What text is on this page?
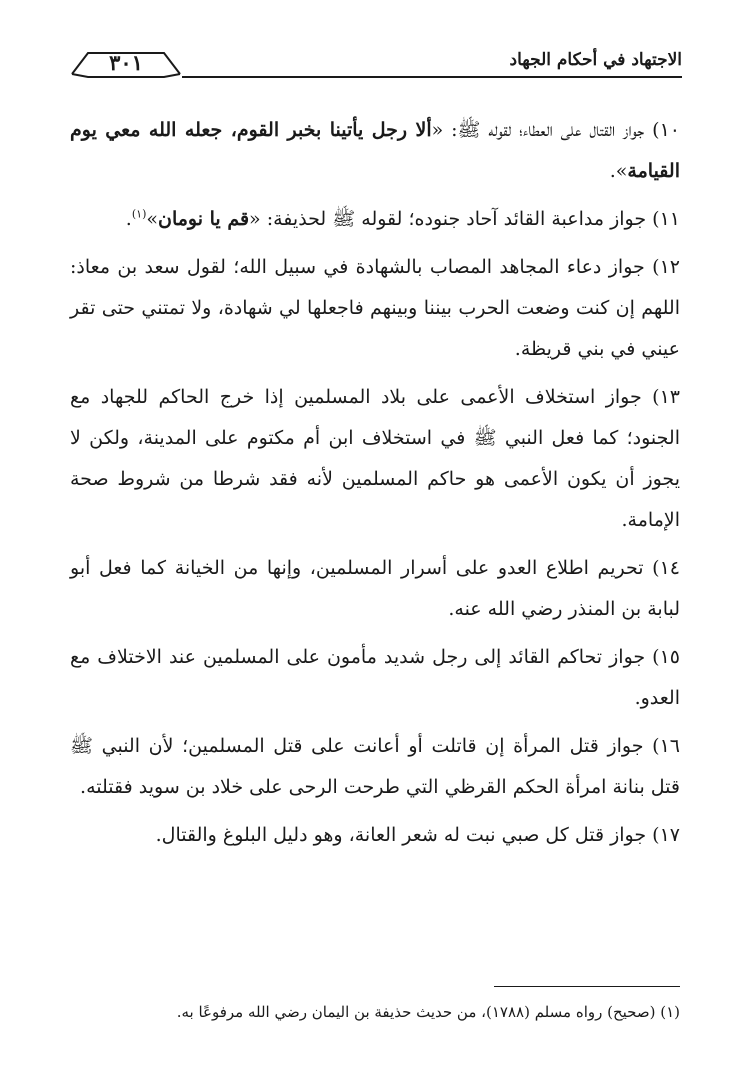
٣٠١	الاجتهاد في أحكام الجهاد

١٠) جواز القتال على العطاء؛ لقوله ﷺ: «ألا رجل يأتينا بخبر القوم، جعله الله معي يوم القيامة».

١١) جواز مداعبة القائد آحاد جنوده؛ لقوله ﷺ لحذيفة: «قم يا نومان»$^{(١)}$.

١٢) جواز دعاء المجاهد المصاب بالشهادة في سبيل الله؛ لقول سعد بن معاذ: اللهم إن كنت وضعت الحرب بيننا وبينهم فاجعلها لي شهادة، ولا تمتني حتى تقر عيني في بني قريظة.

١٣) جواز استخلاف الأعمى على بلاد المسلمين إذا خرج الحاكم للجهاد مع الجنود؛ كما فعل النبي ﷺ في استخلاف ابن أم مكتوم على المدينة، ولكن لا يجوز أن يكون الأعمى هو حاكم المسلمين لأنه فقد شرطا من شروط صحة الإمامة.

١٤) تحريم اطلاع العدو على أسرار المسلمين، وإنها من الخيانة كما فعل أبو لبابة بن المنذر رضي الله عنه.

١٥) جواز تحاكم القائد إلى رجل شديد مأمون على المسلمين عند الاختلاف مع العدو.

١٦) جواز قتل المرأة إن قاتلت أو أعانت على قتل المسلمين؛ لأن النبي ﷺ قتل بنانة امرأة الحكم القرظي التي طرحت الرحى على خلاد بن سويد فقتلته.

١٧) جواز قتل كل صبي نبت له شعر العانة، وهو دليل البلوغ والقتال.

(١) (صحيح) رواه مسلم (١٧٨٨)، من حديث حذيفة بن اليمان رضي الله مرفوعًا به.
